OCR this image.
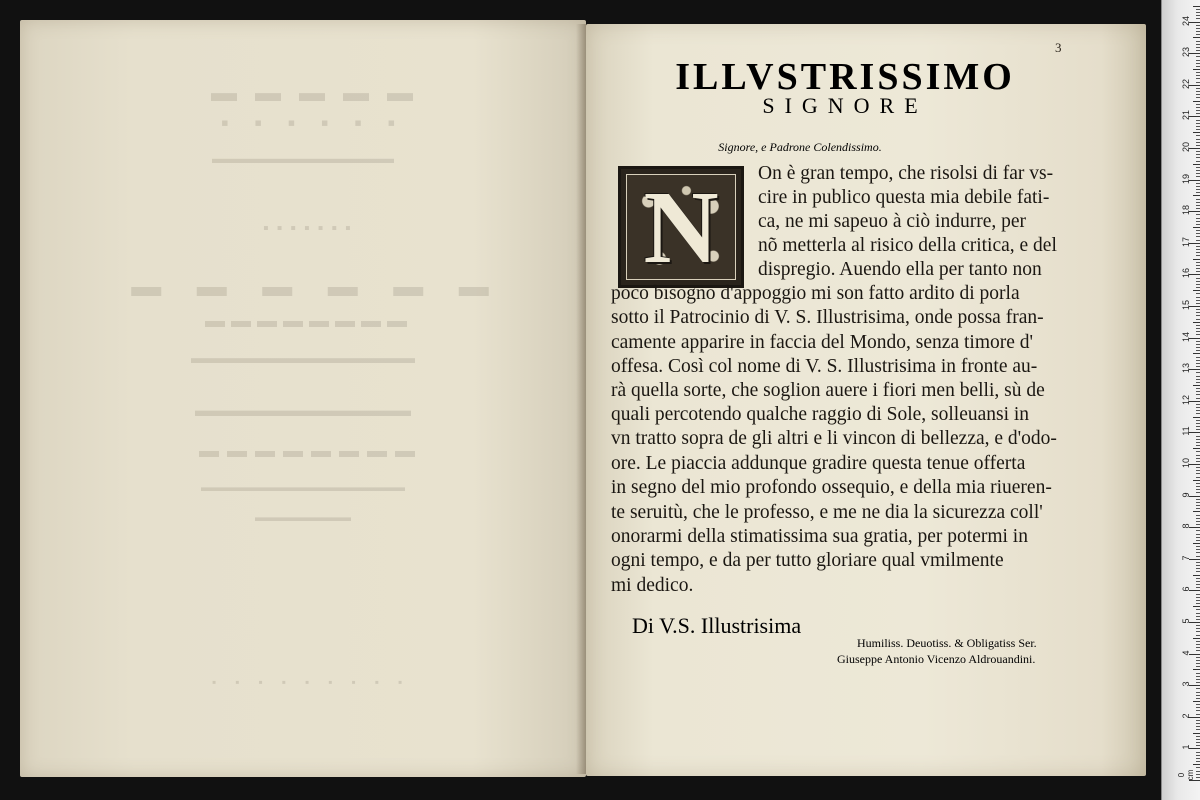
▬▬▬▬▬
▪ ▪ ▪ ▪ ▪ ▪
▬▬▬▬▬▬▬▬▬▬▬▬▬
▪▪▪▪▪▪▪
▬ ▬ ▬ ▬ ▬ ▬
▬▬▬▬▬▬▬▬
▬▬▬▬▬▬▬▬▬▬▬▬▬▬
▬▬▬▬▬▬▬▬▬▬▬▬
▬▬▬▬▬▬▬▬
▬▬▬▬▬▬▬▬▬▬▬▬▬▬▬▬▬
▬▬▬▬▬▬▬▬
▪ ▪ ▪ ▪ ▪ ▪ ▪ ▪ ▪
3
ILLVSTRISSIMO
SIGNORE
Signore, e Padrone Colendissimo.
N	On è gran tempo, che risolsi di far vs-
cire in publico questa mia debile fati-
ca, ne mi sapeuo à ciò indurre, per
nõ metterla al risico della critica, e del
dispregio. Auendo ella per tanto non
poco bisogno d'appoggio mi son fatto ardito di porla
sotto il Patrocinio di V. S. Illustrisima, onde possa fran-
camente apparire in faccia del Mondo, senza timore d'
offesa. Così col nome di V. S. Illustrisima in fronte au-
rà quella sorte, che soglion auere i fiori men belli, sù de
quali percotendo qualche raggio di Sole, solleuansi in
vn tratto sopra de gli altri e li vincon di bellezza, e d'odo-
ore. Le piaccia addunque gradire questa tenue offerta
in segno del mio profondo ossequio, e della mia riueren-
te seruitù, che le professo, e me ne dia la sicurezza coll'
onorarmi della stimatissima sua gratia, per potermi in
ogni tempo, e da per tutto gloriare qual vmilmente
mi dedico.
Di V.S. Illustrisima
Humiliss. Deuotiss. & Obligatiss Ser.
Giuseppe Antonio Vicenzo Aldrouandini.
0 cm
1
2
3
4
5
6
7
8
9
10
11
12
13
14
15
16
17
18
19
20
21
22
23
24
